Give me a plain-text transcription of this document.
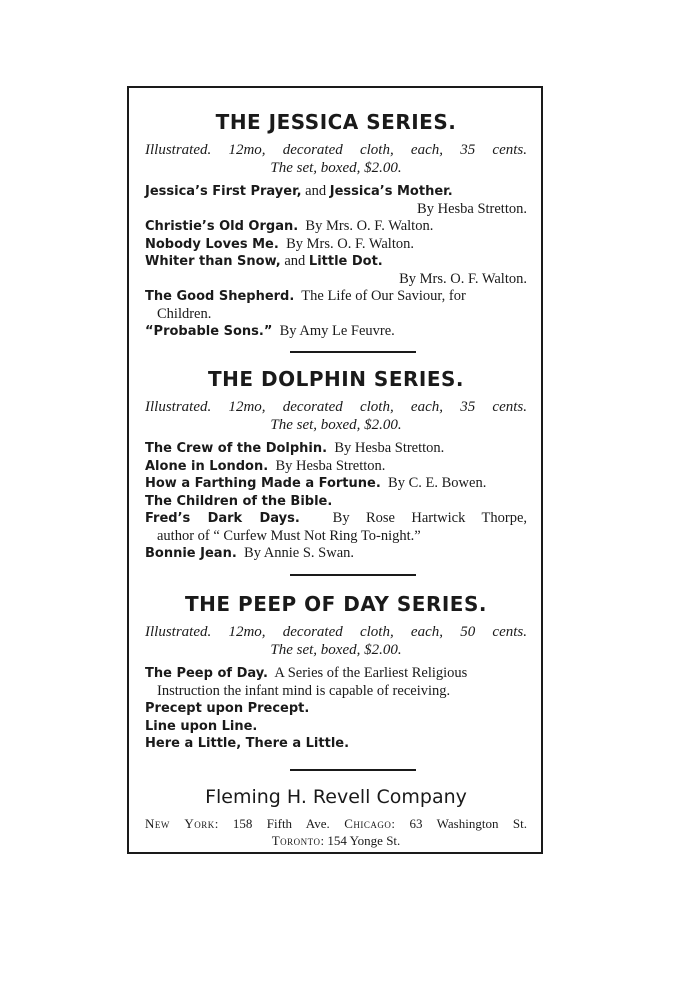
THE JESSICA SERIES.

Illustrated. 12mo, decorated cloth, each, 35 cents.

The set, boxed, $2.00.

Jessica’s First Prayer, and Jessica’s Mother.

By Hesba Stretton.

Christie’s Old Organ. By Mrs. O. F. Walton.

Nobody Loves Me. By Mrs. O. F. Walton.

Whiter than Snow, and Little Dot.

By Mrs. O. F. Walton.

The Good Shepherd. The Life of Our Saviour, for

Children.

“Probable Sons.” By Amy Le Feuvre.

THE DOLPHIN SERIES.

Illustrated. 12mo, decorated cloth, each, 35 cents.

The set, boxed, $2.00.

The Crew of the Dolphin. By Hesba Stretton.

Alone in London. By Hesba Stretton.

How a Farthing Made a Fortune. By C. E. Bowen.

The Children of the Bible.

Fred’s Dark Days. By Rose Hartwick Thorpe,

author of “ Curfew Must Not Ring To-night.”

Bonnie Jean. By Annie S. Swan.

THE PEEP OF DAY SERIES.

Illustrated. 12mo, decorated cloth, each, 50 cents.

The set, boxed, $2.00.

The Peep of Day. A Series of the Earliest Religious

Instruction the infant mind is capable of receiving.

Precept upon Precept.

Line upon Line.

Here a Little, There a Little.

Fleming H. Revell Company

New York: 158 Fifth Ave. Chicago: 63 Washington St.

Toronto: 154 Yonge St.
